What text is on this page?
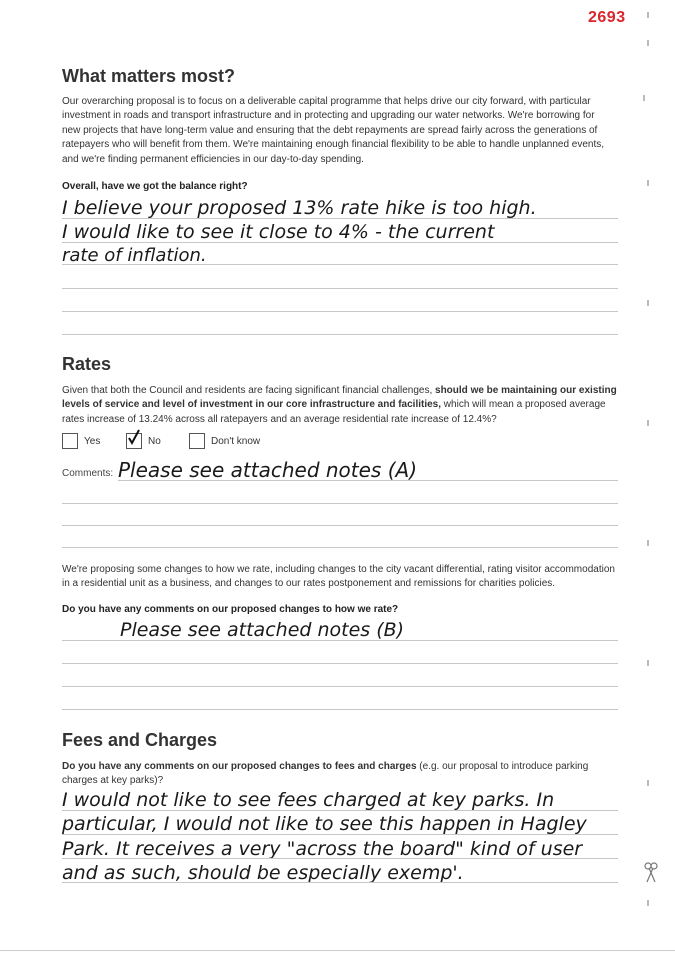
2693
What matters most?
Our overarching proposal is to focus on a deliverable capital programme that helps drive our city forward, with particular
investment in roads and transport infrastructure and in protecting and upgrading our water networks. We're borrowing for
new projects that have long-term value and ensuring that the debt repayments are spread fairly across the generations of
ratepayers who will benefit from them. We're maintaining enough financial flexibility to be able to handle unplanned events,
and we're finding permanent efficiencies in our day-to-day spending.
Overall, have we got the balance right?
I believe your proposed 13% rate hike is too high.
I would like to see it close to 4% - the current
rate of inflation.
Rates

Given that both the Council and residents are facing significant financial challenges, should we be maintaining our existing levels of service and level of investment in our core infrastructure and facilities, which will mean a proposed average rates increase of 13.24% across all ratepayers and an average residential rate increase of 12.4%?

Yes	No	Don't know
Comments: Please see attached notes (A)

We're proposing some changes to how we rate, including changes to the city vacant differential, rating visitor accommodation in a residential unit as a business, and changes to our rates postponement and remissions for charities policies.

Do you have any comments on our proposed changes to how we rate?
Please see attached notes (B)
Fees and Charges

Do you have any comments on our proposed changes to fees and charges (e.g. our proposal to introduce parking charges at key parks)?

I would not like to see fees charged at key parks. In
particular, I would not like to see this happen in Hagley
Park. It receives a very "across the board" kind of user
and as such, should be especially exemp'.
